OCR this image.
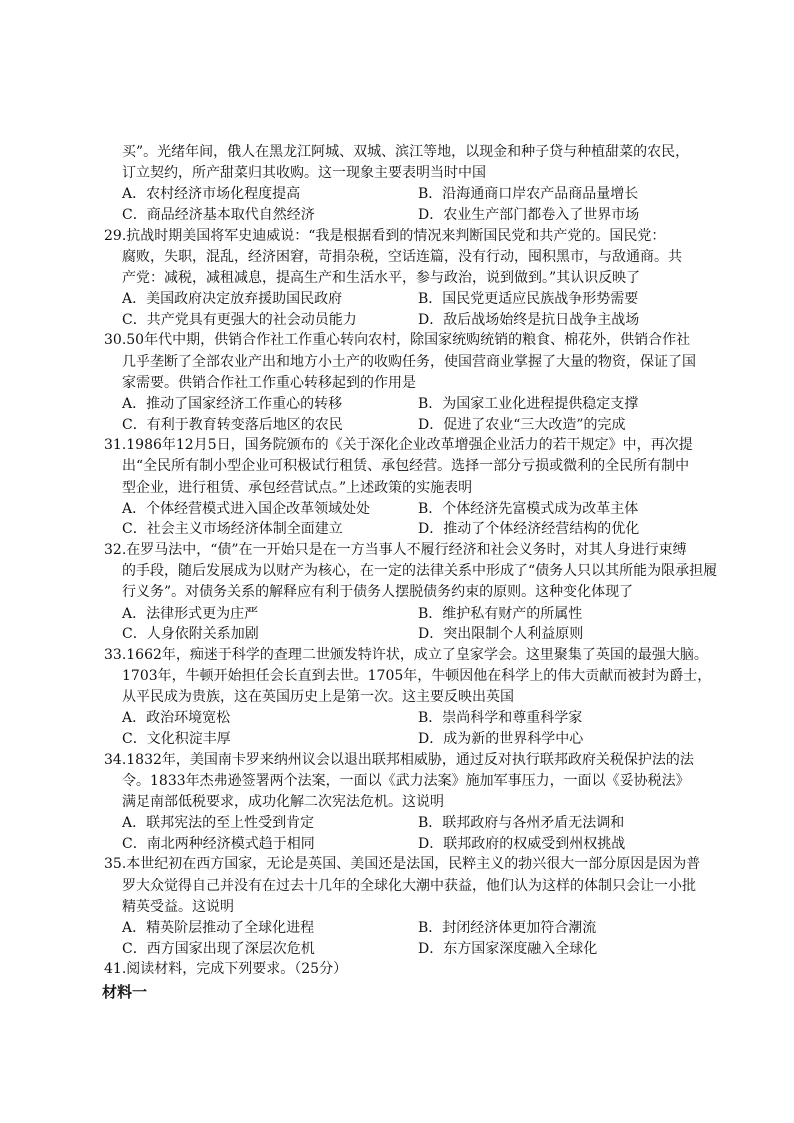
买”。光绪年间，俄人在黑龙江阿城、双城、滨江等地，以现金和种子贷与种植甜菜的农民，
订立契约，所产甜菜归其收购。这一现象主要表明当时中国
A．农村经济市场化程度提高	B．沿海通商口岸农产品商品量增长
C．商品经济基本取代自然经济	D．农业生产部门都卷入了世界市场
29.抗战时期美国将军史迪威说：“我是根据看到的情况来判断国民党和共产党的。国民党：
腐败，失职，混乱，经济困窘，苛捐杂税，空话连篇，没有行动，囤积黑市，与敌通商。共
产党：减税，减租减息，提高生产和生活水平，参与政治，说到做到。”其认识反映了
A．美国政府决定放弃援助国民政府	B．国民党更适应民族战争形势需要
C．共产党具有更强大的社会动员能力	D．敌后战场始终是抗日战争主战场
30.50年代中期，供销合作社工作重心转向农村，除国家统购统销的粮食、棉花外，供销合作社
几乎垄断了全部农业产出和地方小土产的收购任务，使国营商业掌握了大量的物资，保证了国
家需要。供销合作社工作重心转移起到的作用是
A．推动了国家经济工作重心的转移	B．为国家工业化进程提供稳定支撑
C．有利于教育转变落后地区的农民	D．促进了农业“三大改造”的完成
31.1986年12月5日，国务院颁布的《关于深化企业改革增强企业活力的若干规定》中，再次提
出“全民所有制小型企业可积极试行租赁、承包经营。选择一部分亏损或微利的全民所有制中
型企业，进行租赁、承包经营试点。”上述政策的实施表明
A．个体经营模式进入国企改革领域处处	B．个体经济先富模式成为改革主体
C．社会主义市场经济体制全面建立	D．推动了个体经济经营结构的优化
32.在罗马法中，“债”在一开始只是在一方当事人不履行经济和社会义务时，对其人身进行束缚
的手段，随后发展成为以财产为核心，在一定的法律关系中形成了“债务人只以其所能为限承担履
行义务”。对债务关系的解释应有利于债务人摆脱债务约束的原则。这种变化体现了
A．法律形式更为庄严	B．维护私有财产的所属性
C．人身依附关系加剧	D．突出限制个人利益原则
33.1662年，痴迷于科学的查理二世颁发特许状，成立了皇家学会。这里聚集了英国的最强大脑。
1703年，牛顿开始担任会长直到去世。1705年，牛顿因他在科学上的伟大贡献而被封为爵士，
从平民成为贵族，这在英国历史上是第一次。这主要反映出英国
A．政治环境宽松	B．崇尚科学和尊重科学家
C．文化积淀丰厚	D．成为新的世界科学中心
34.1832年，美国南卡罗来纳州议会以退出联邦相威胁，通过反对执行联邦政府关税保护法的法
令。1833年杰弗逊签署两个法案，一面以《武力法案》施加军事压力，一面以《妥协税法》
满足南部低税要求，成功化解二次宪法危机。这说明
A．联邦宪法的至上性受到肯定	B．联邦政府与各州矛盾无法调和
C．南北两种经济模式趋于相同	D．联邦政府的权威受到州权挑战
35.本世纪初在西方国家，无论是英国、美国还是法国，民粹主义的勃兴很大一部分原因是因为普
罗大众觉得自己并没有在过去十几年的全球化大潮中获益，他们认为这样的体制只会让一小批
精英受益。这说明
A．精英阶层推动了全球化进程	B．封闭经济体更加符合潮流
C．西方国家出现了深层次危机	D．东方国家深度融入全球化
41.阅读材料，完成下列要求。（25分）
材料一
